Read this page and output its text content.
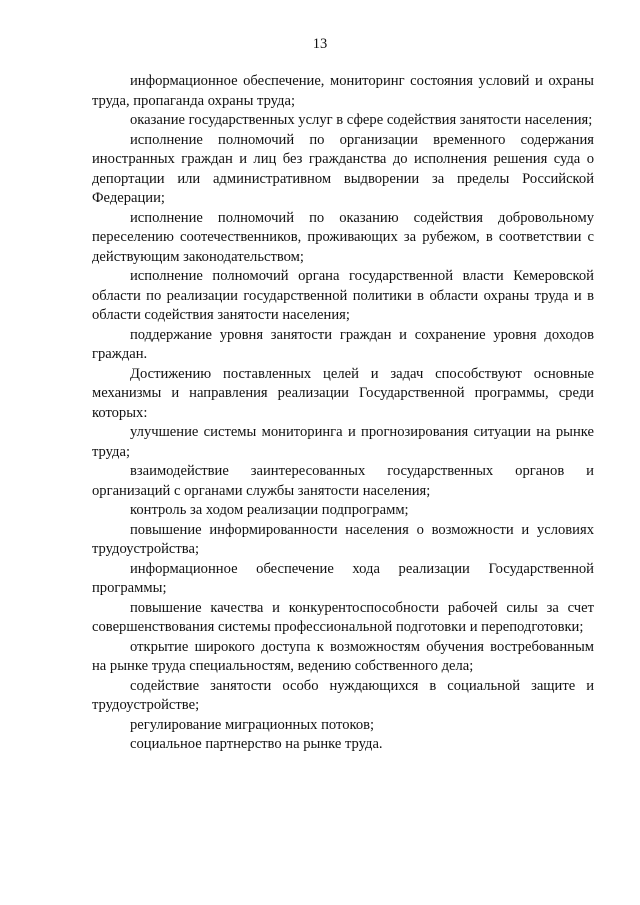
13

информационное обеспечение, мониторинг состояния условий и охраны труда, пропаганда охраны труда;

оказание государственных услуг в сфере содействия занятости населения;

исполнение полномочий по организации временного содержания иностранных граждан и лиц без гражданства до исполнения решения суда о депортации или административном выдворении за пределы Российской Федерации;

исполнение полномочий по оказанию содействия добровольному переселению соотечественников, проживающих за рубежом, в соответствии с действующим законодательством;

исполнение полномочий органа государственной власти Кемеровской области по реализации государственной политики в области охраны труда и в области содействия занятости населения;

поддержание уровня занятости граждан и сохранение уровня доходов граждан.

Достижению поставленных целей и задач способствуют основные механизмы и направления реализации Государственной программы, среди которых:

улучшение системы мониторинга и прогнозирования ситуации на рынке труда;

взаимодействие заинтересованных государственных органов и организаций с органами службы занятости населения;

контроль за ходом реализации подпрограмм;

повышение информированности населения о возможности и условиях трудоустройства;

информационное обеспечение хода реализации Государственной программы;

повышение качества и конкурентоспособности рабочей силы за счет совершенствования системы профессиональной подготовки и переподготовки;

открытие широкого доступа к возможностям обучения востребованным на рынке труда специальностям, ведению собственного дела;

содействие занятости особо нуждающихся в социальной защите и трудоустройстве;

регулирование миграционных потоков;

социальное партнерство на рынке труда.
